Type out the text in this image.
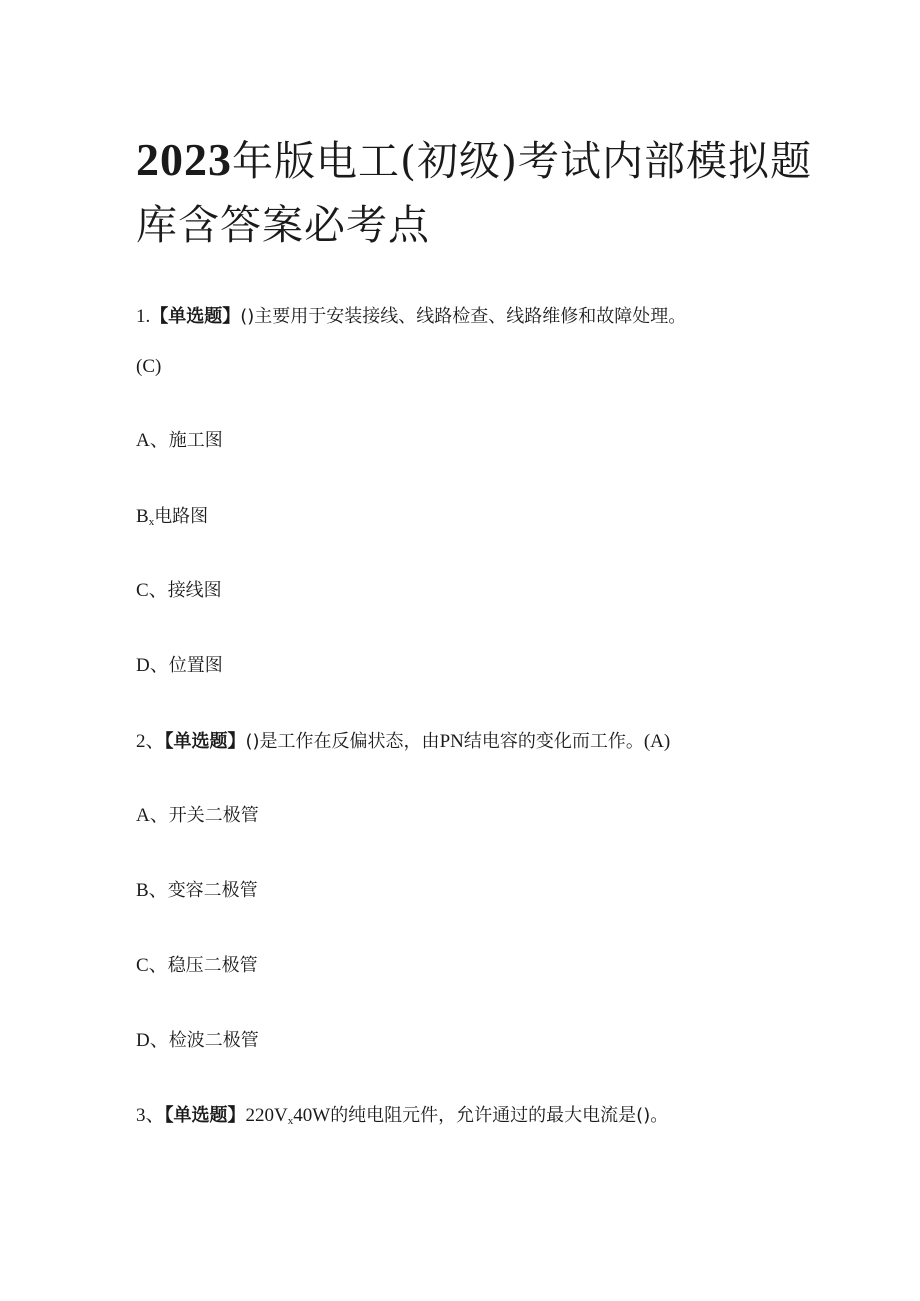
2023年版电工(初级)考试内部模拟题库含答案必考点
1.【单选题】()主要用于安装接线、线路检查、线路维修和故障处理。
(C)
A、施工图
$B_x$电路图
C、接线图
D、位置图
2、【单选题】()是工作在反偏状态，由PN结电容的变化而工作。(A)
A、开关二极管
B、变容二极管
C、稳压二极管
D、检波二极管
3、【单选题】$220V_x40W$的纯电阻元件，允许通过的最大电流是()。
